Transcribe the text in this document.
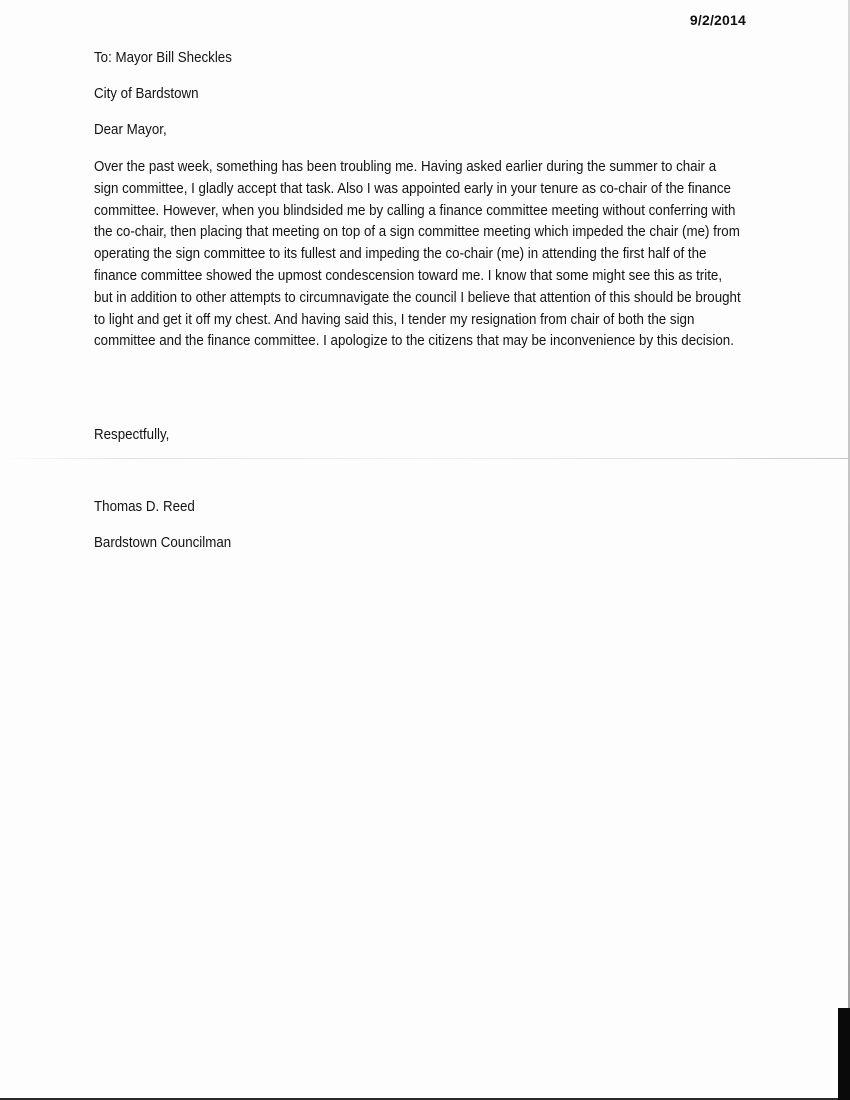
9/2/2014
To: Mayor Bill Sheckles
City of Bardstown
Dear Mayor,
Over the past week, something has been troubling me. Having asked earlier during the summer to chair a sign committee, I gladly accept that task. Also I was appointed early in your tenure as co-chair of the finance committee. However, when you blindsided me by calling a finance committee meeting without conferring with the co-chair, then placing that meeting on top of a sign committee meeting which impeded the chair (me) from operating the sign committee to its fullest and impeding the co-chair (me) in attending the first half of the finance committee showed the upmost condescension toward me. I know that some might see this as trite, but in addition to other attempts to circumnavigate the council I believe that attention of this should be brought to light and get it off my chest. And having said this, I tender my resignation from chair of both the sign committee and the finance committee. I apologize to the citizens that may be inconvenience by this decision.
Respectfully,
Thomas D. Reed
Bardstown Councilman
